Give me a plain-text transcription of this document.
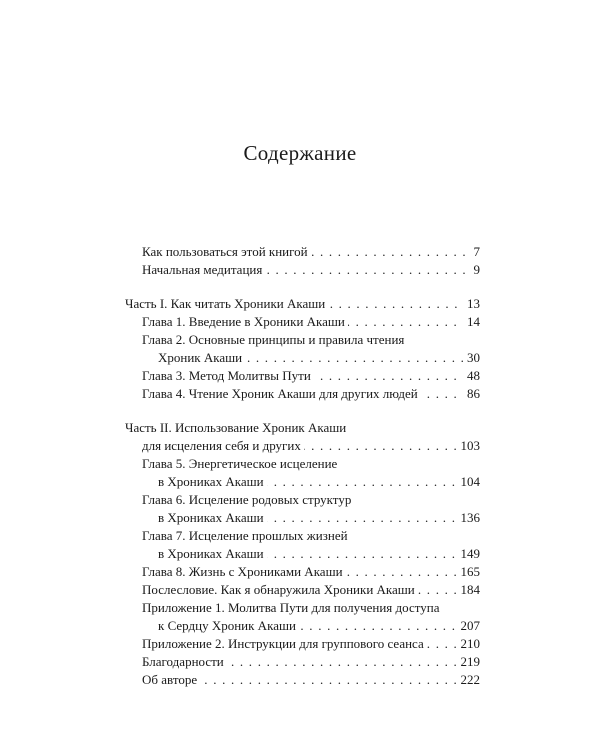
Содержание
. . .
Как пользоваться этой книгой	7
. . .
Начальная медитация	9
. . .
Часть I. Как читать Хроники Акаши	13
. . .
Глава 1. Введение в Хроники Акаши	14
Глава 2. Основные принципы и правила чтения
. . .
Хроник Акаши	30
. . .
Глава 3. Метод Молитвы Пути	48
. . .
Глава 4. Чтение Хроник Акаши для других людей	86
Часть II. Использование Хроник Акаши
. . .
для исцеления себя и других	103
Глава 5. Энергетическое исцеление
. . .
в Хрониках Акаши	104
Глава 6. Исцеление родовых структур
. . .
в Хрониках Акаши	136
Глава 7. Исцеление прошлых жизней
. . .
в Хрониках Акаши	149
. . .
Глава 8. Жизнь с Хрониками Акаши	165
. . .
Послесловие. Как я обнаружила Хроники Акаши	184
Приложение 1. Молитва Пути для получения доступа
. . .
к Сердцу Хроник Акаши	207
. . .
Приложение 2. Инструкции для группового сеанса	210
. . .
Благодарности	219
. . .
Об авторе	222
